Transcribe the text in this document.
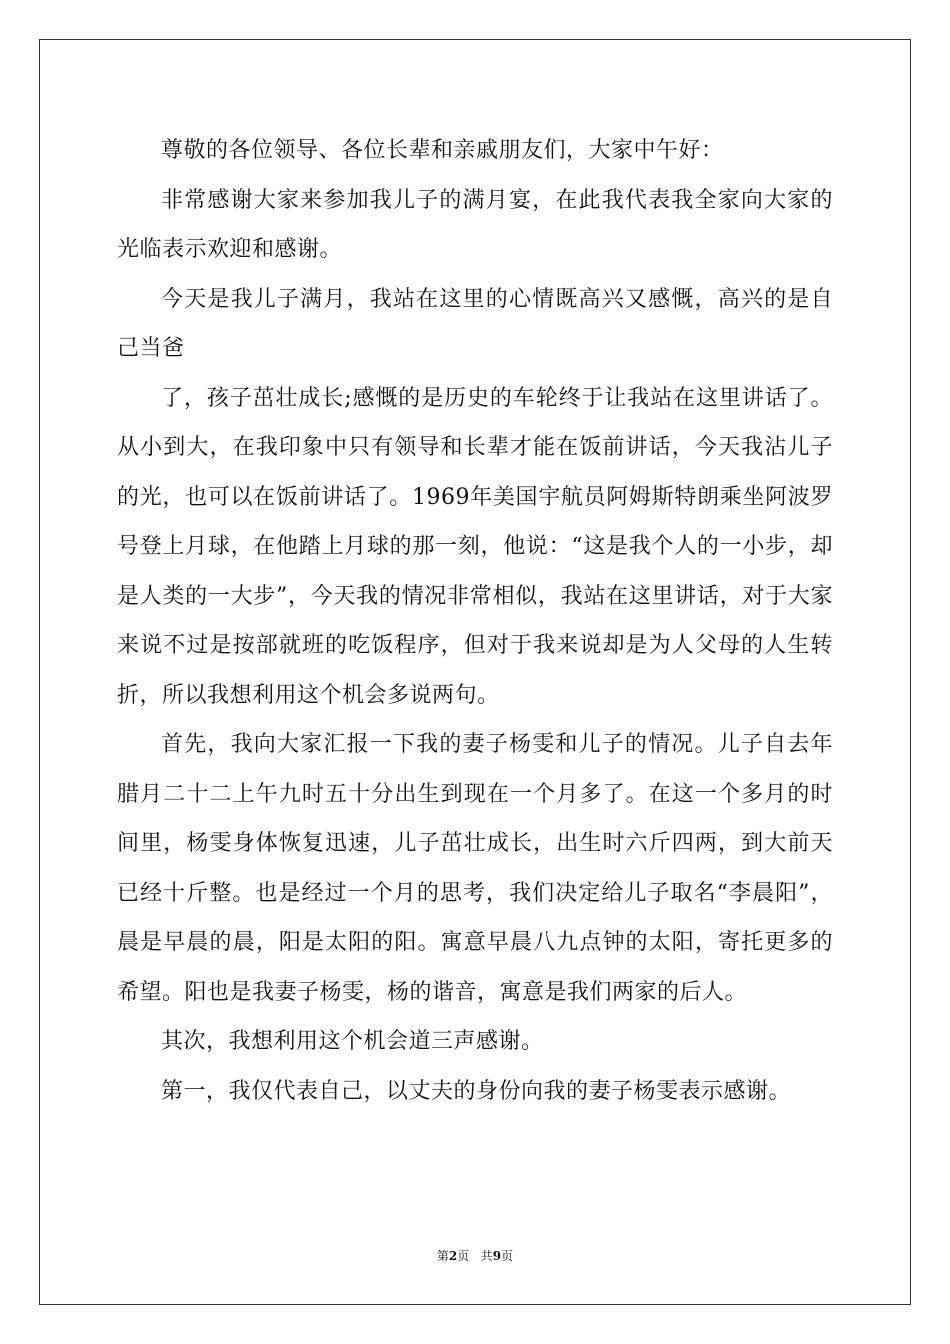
尊敬的各位领导、各位长辈和亲戚朋友们，大家中午好：

非常感谢大家来参加我儿子的满月宴，在此我代表我全家向大家的光临表示欢迎和感谢。

今天是我儿子满月，我站在这里的心情既高兴又感慨，高兴的是自己当爸

了，孩子茁壮成长;感慨的是历史的车轮终于让我站在这里讲话了。从小到大，在我印象中只有领导和长辈才能在饭前讲话，今天我沾儿子的光，也可以在饭前讲话了。1969年美国宇航员阿姆斯特朗乘坐阿波罗号登上月球，在他踏上月球的那一刻，他说：“这是我个人的一小步，却是人类的一大步”，今天我的情况非常相似，我站在这里讲话，对于大家来说不过是按部就班的吃饭程序，但对于我来说却是为人父母的人生转折，所以我想利用这个机会多说两句。

首先，我向大家汇报一下我的妻子杨雯和儿子的情况。儿子自去年腊月二十二上午九时五十分出生到现在一个月多了。在这一个多月的时间里，杨雯身体恢复迅速，儿子茁壮成长，出生时六斤四两，到大前天已经十斤整。也是经过一个月的思考，我们决定给儿子取名“李晨阳”，晨是早晨的晨，阳是太阳的阳。寓意早晨八九点钟的太阳，寄托更多的希望。阳也是我妻子杨雯，杨的谐音，寓意是我们两家的后人。

其次，我想利用这个机会道三声感谢。

第一，我仅代表自己，以丈夫的身份向我的妻子杨雯表示感谢。

第2页 共9页
